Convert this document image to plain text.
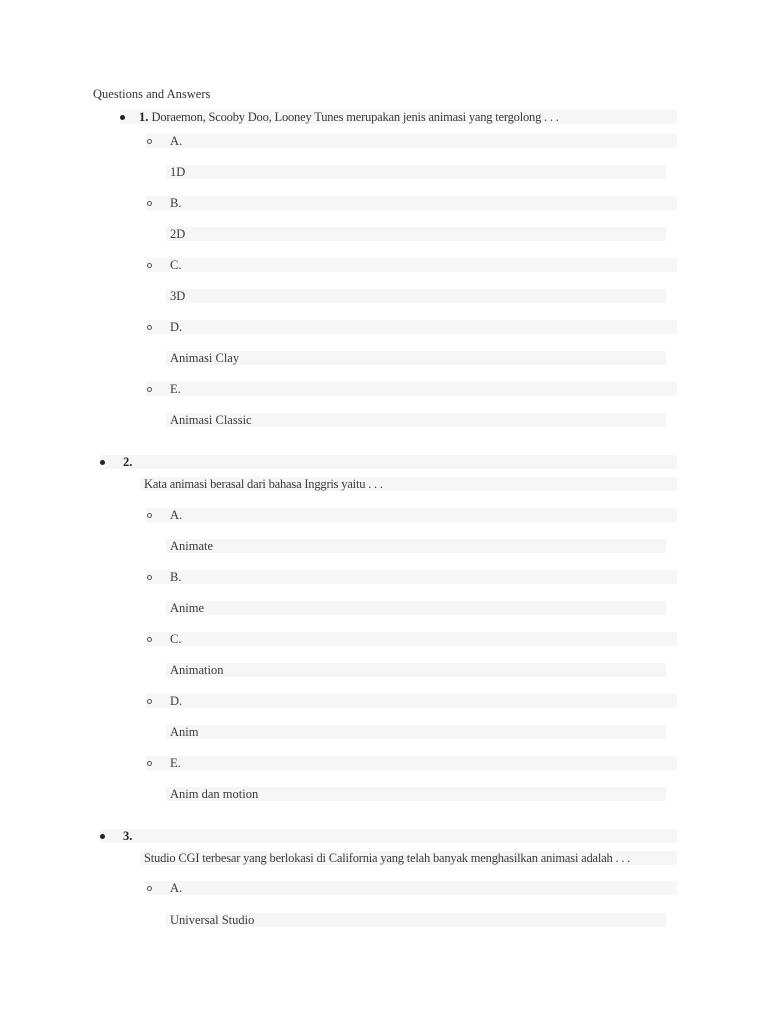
Questions and Answers
1. Doraemon, Scooby Doo, Looney Tunes merupakan jenis animasi yang tergolong . . .
A.
1D
B.
2D
C.
3D
D.
Animasi Clay
E.
Animasi Classic
2.
Kata animasi berasal dari bahasa Inggris yaitu . . .
A.
Animate
B.
Anime
C.
Animation
D.
Anim
E.
Anim dan motion
3.
Studio CGI terbesar yang berlokasi di California yang telah banyak menghasilkan animasi adalah . . .
A.
Universal Studio
